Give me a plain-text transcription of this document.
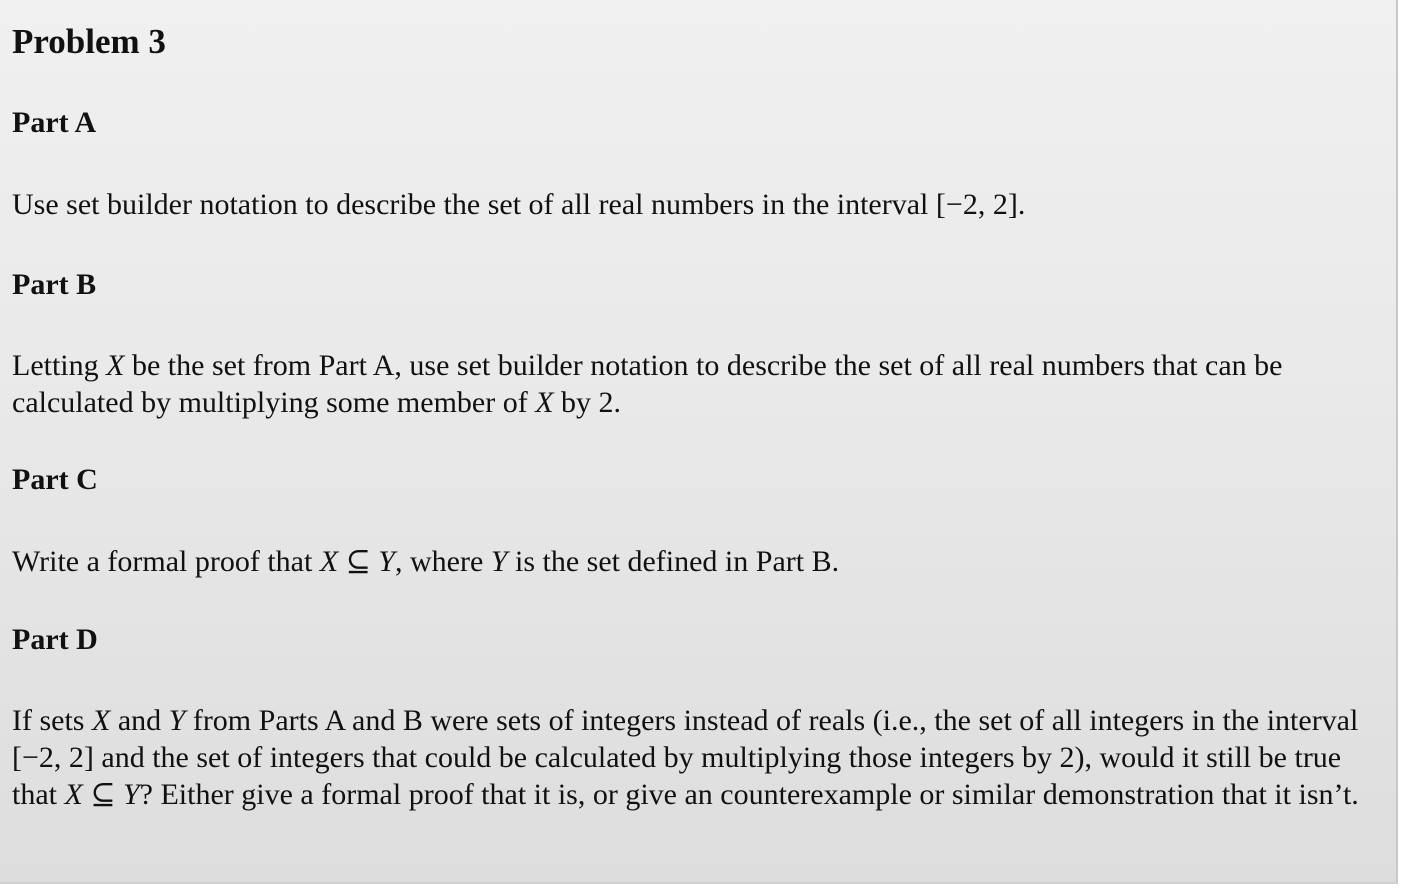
Problem 3
Part A

Use set builder notation to describe the set of all real numbers in the interval [−2, 2].

Part B

Letting X be the set from Part A, use set builder notation to describe the set of all real numbers that can be calculated by multiplying some member of X by 2.

Part C

Write a formal proof that X ⊆ Y, where Y is the set defined in Part B.

Part D

If sets X and Y from Parts A and B were sets of integers instead of reals (i.e., the set of all integers in the interval [−2, 2] and the set of integers that could be calculated by multiplying those integers by 2), would it still be true that X ⊆ Y? Either give a formal proof that it is, or give an counterexample or similar demonstration that it isn’t.
